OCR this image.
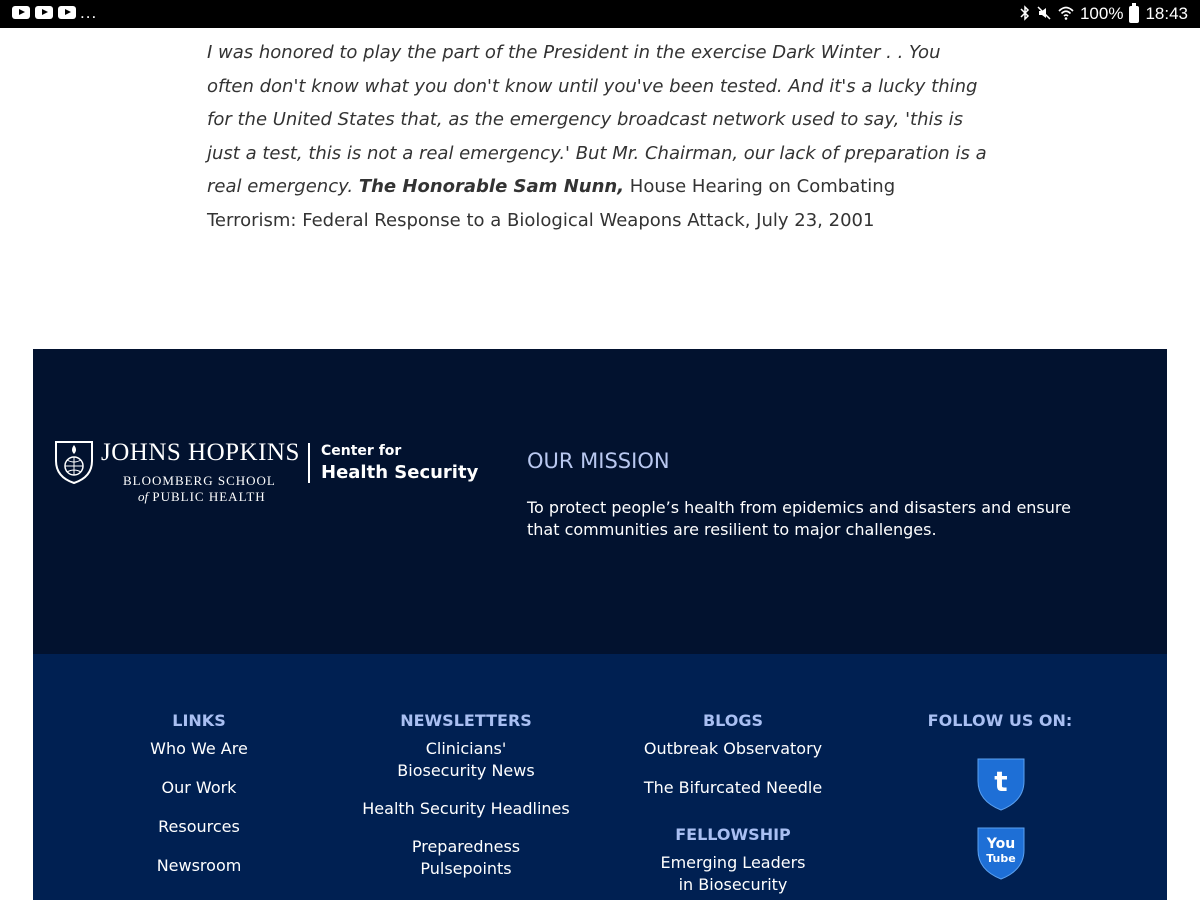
...	100% 18:43
I was honored to play the part of the President in the exercise Dark Winter . . You often don't know what you don't know until you've been tested. And it's a lucky thing for the United States that, as the emergency broadcast network used to say, 'this is just a test, this is not a real emergency.' But Mr. Chairman, our lack of preparation is a real emergency. The Honorable Sam Nunn, House Hearing on Combating Terrorism: Federal Response to a Biological Weapons Attack, July 23, 2001
JOHNS HOPKINS
BLOOMBERG SCHOOL
of PUBLIC HEALTH
Center for
Health Security OUR MISSION
To protect people’s health from epidemics and disasters and ensure that communities are resilient to major challenges.
LINKS
Who We Are
Our Work
Resources
Newsroom
NEWSLETTERS
Clinicians' Biosecurity News
Health Security Headlines
Preparedness Pulsepoints
BLOGS
Outbreak Observatory
The Bifurcated Needle
FELLOWSHIP
Emerging Leaders in Biosecurity (ELBI)
FOLLOW US ON:
t
You
Tube
